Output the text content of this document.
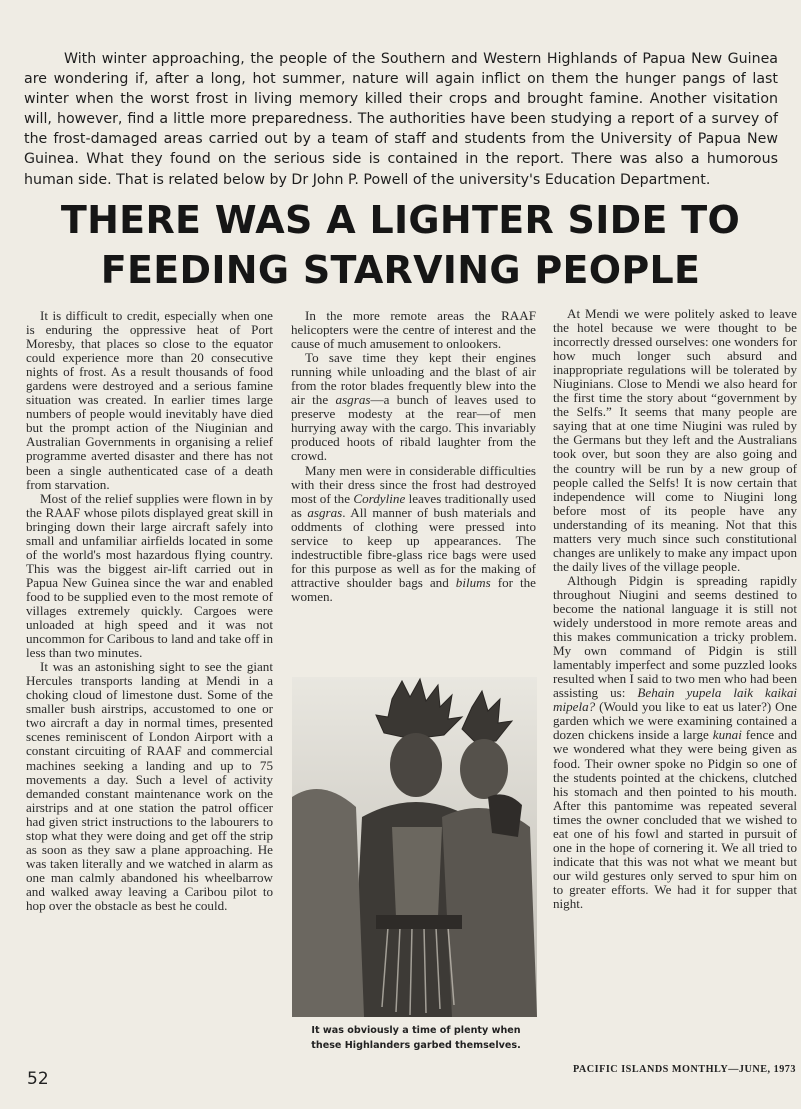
With winter approaching, the people of the Southern and Western Highlands of Papua New Guinea are wondering if, after a long, hot summer, nature will again inflict on them the hunger pangs of last winter when the worst frost in living memory killed their crops and brought famine. Another visitation will, however, find a little more preparedness. The authorities have been studying a report of a survey of the frost-damaged areas carried out by a team of staff and students from the University of Papua New Guinea. What they found on the serious side is contained in the report. There was also a humorous human side. That is related below by Dr John P. Powell of the university's Education Department.

THERE WAS A LIGHTER SIDE TO
FEEDING STARVING PEOPLE

It is difficult to credit, especially when one is enduring the oppressive heat of Port Moresby, that places so close to the equator could experience more than 20 consecutive nights of frost. As a result thousands of food gardens were destroyed and a serious famine situation was created. In earlier times large numbers of people would inevitably have died but the prompt action of the Niuginian and Australian Governments in organising a relief programme averted disaster and there has not been a single authenticated case of a death from starvation.

Most of the relief supplies were flown in by the RAAF whose pilots displayed great skill in bringing down their large aircraft safely into small and unfamiliar airfields located in some of the world's most hazardous flying country. This was the biggest air-lift carried out in Papua New Guinea since the war and enabled food to be supplied even to the most remote of villages extremely quickly. Cargoes were unloaded at high speed and it was not uncommon for Caribous to land and take off in less than two minutes.

It was an astonishing sight to see the giant Hercules transports landing at Mendi in a choking cloud of limestone dust. Some of the smaller bush airstrips, accustomed to one or two aircraft a day in normal times, presented scenes reminiscent of London Airport with a constant circuiting of RAAF and commercial machines seeking a landing and up to 75 movements a day. Such a level of activity demanded constant maintenance work on the airstrips and at one station the patrol officer had given strict instructions to the labourers to stop what they were doing and get off the strip as soon as they saw a plane approaching. He was taken literally and we watched in alarm as one man calmly abandoned his wheelbarrow and walked away leaving a Caribou pilot to hop over the obstacle as best he could.

In the more remote areas the RAAF helicopters were the centre of interest and the cause of much amusement to onlookers.

To save time they kept their engines running while unloading and the blast of air from the rotor blades frequently blew into the air the asgras—a bunch of leaves used to preserve modesty at the rear—of men hurrying away with the cargo. This invariably produced hoots of ribald laughter from the crowd.

Many men were in considerable difficulties with their dress since the frost had destroyed most of the Cordyline leaves traditionally used as asgras. All manner of bush materials and oddments of clothing were pressed into service to keep up appearances. The indestructible fibre-glass rice bags were used for this purpose as well as for the making of attractive shoulder bags and bilums for the women.

At Mendi we were politely asked to leave the hotel because we were thought to be incorrectly dressed ourselves: one wonders for how much longer such absurd and inappropriate regulations will be tolerated by Niuginians. Close to Mendi we also heard for the first time the story about “government by the Selfs.” It seems that many people are saying that at one time Niugini was ruled by the Germans but they left and the Australians took over, but soon they are also going and the country will be run by a new group of people called the Selfs! It is now certain that independence will come to Niugini long before most of its people have any understanding of its meaning. Not that this matters very much since such constitutional changes are unlikely to make any impact upon the daily lives of the village people.

Although Pidgin is spreading rapidly throughout Niugini and seems destined to become the national language it is still not widely understood in more remote areas and this makes communication a tricky problem. My own command of Pidgin is still lamentably imperfect and some puzzled looks resulted when I said to two men who had been assisting us: Behain yupela laik kaikai mipela? (Would you like to eat us later?) One garden which we were examining contained a dozen chickens inside a large kunai fence and we wondered what they were being given as food. Their owner spoke no Pidgin so one of the students pointed at the chickens, clutched his stomach and then pointed to his mouth. After this pantomime was repeated several times the owner concluded that we wished to eat one of his fowl and started in pursuit of one in the hope of cornering it. We all tried to indicate that this was not what we meant but our wild gestures only served to spur him on to greater efforts. We had it for supper that night.

It was obviously a time of plenty when
these Highlanders garbed themselves.
52	PACIFIC ISLANDS MONTHLY—JUNE, 1973
